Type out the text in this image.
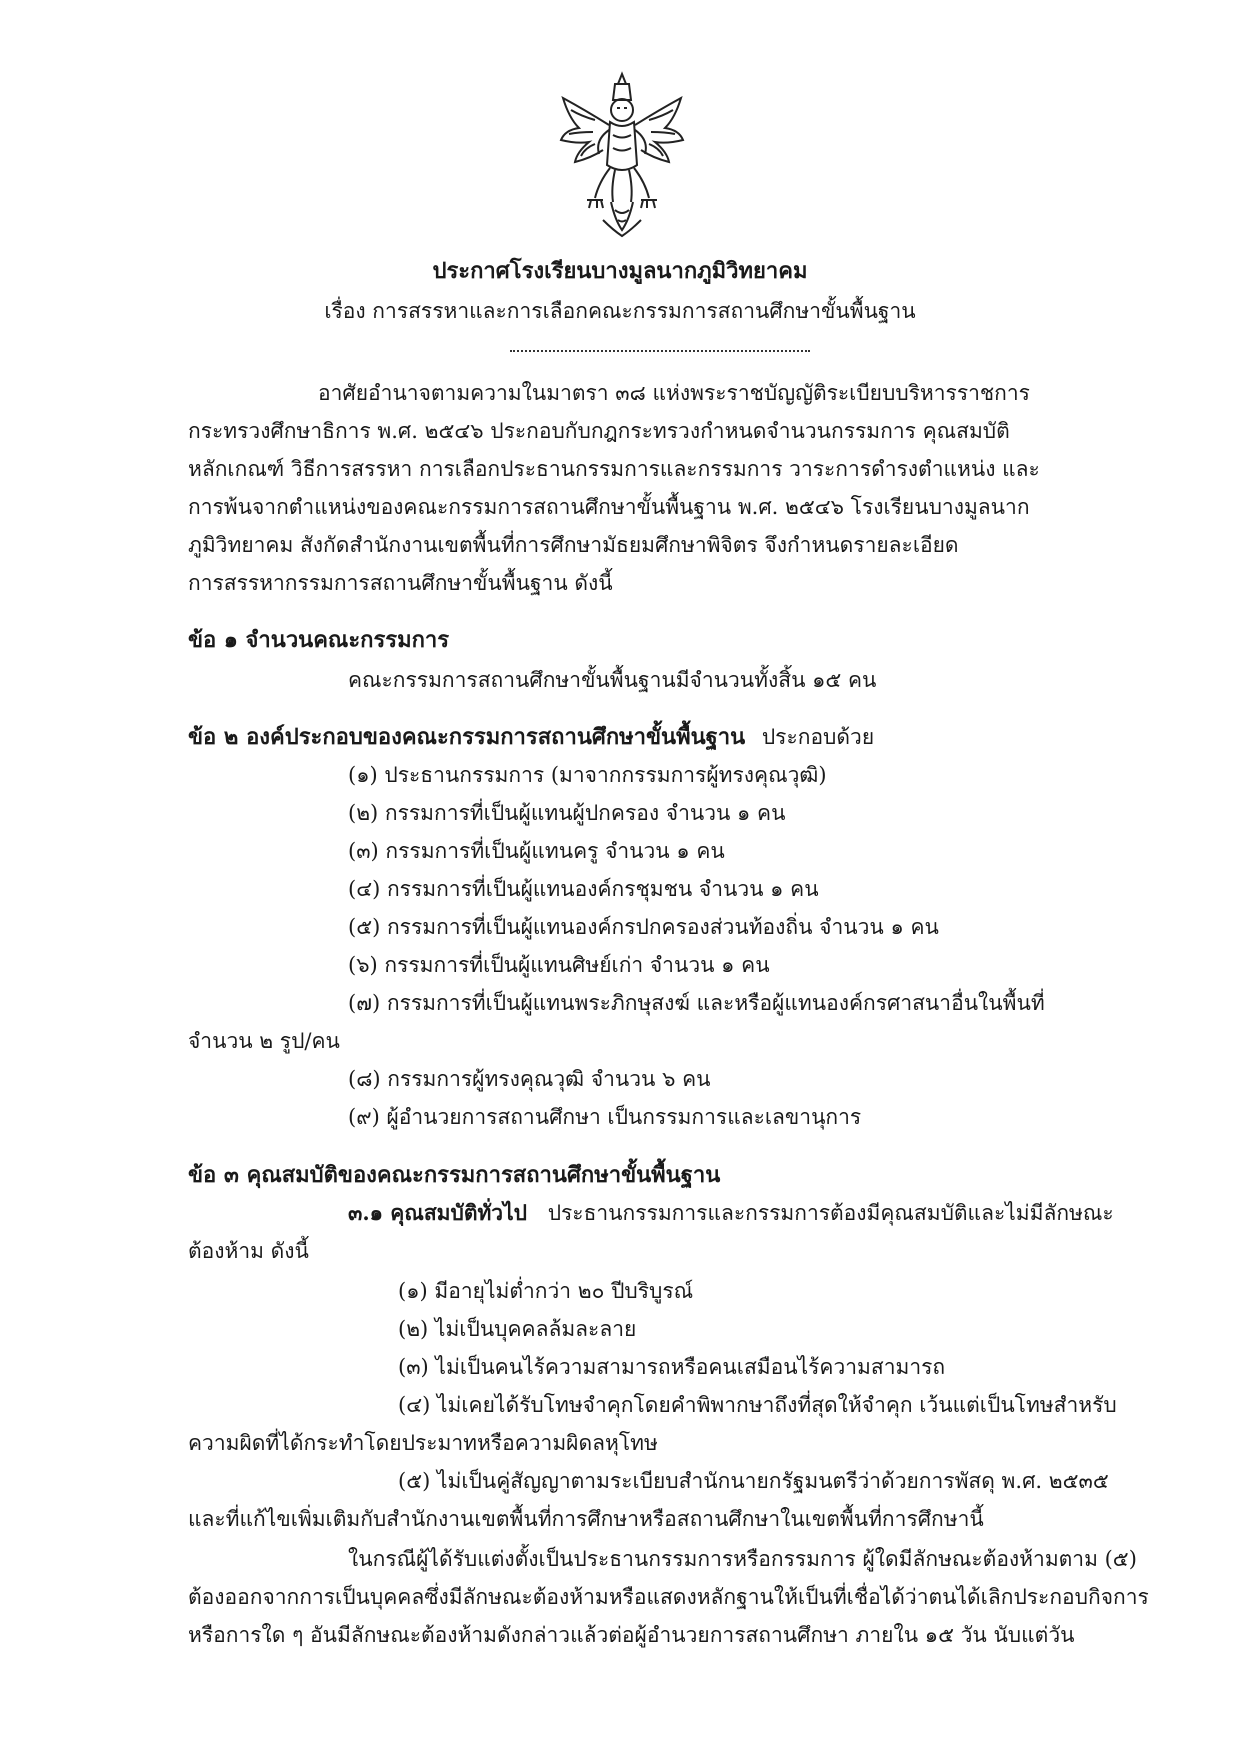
ประกาศโรงเรียนบางมูลนากภูมิวิทยาคม
เรื่อง การสรรหาและการเลือกคณะกรรมการสถานศึกษาขั้นพื้นฐาน
อาศัยอำนาจตามความในมาตรา ๓๘ แห่งพระราชบัญญัติระเบียบบริหารราชการ
กระทรวงศึกษาธิการ พ.ศ. ๒๕๔๖ ประกอบกับกฎกระทรวงกำหนดจำนวนกรรมการ คุณสมบัติ
หลักเกณฑ์ วิธีการสรรหา การเลือกประธานกรรมการและกรรมการ วาระการดำรงตำแหน่ง และ
การพ้นจากตำแหน่งของคณะกรรมการสถานศึกษาขั้นพื้นฐาน พ.ศ. ๒๕๔๖ โรงเรียนบางมูลนาก
ภูมิวิทยาคม สังกัดสำนักงานเขตพื้นที่การศึกษามัธยมศึกษาพิจิตร จึงกำหนดรายละเอียด
การสรรหากรรมการสถานศึกษาขั้นพื้นฐาน ดังนี้
ข้อ ๑ จำนวนคณะกรรมการ
คณะกรรมการสถานศึกษาขั้นพื้นฐานมีจำนวนทั้งสิ้น ๑๕ คน
ข้อ ๒ องค์ประกอบของคณะกรรมการสถานศึกษาขั้นพื้นฐาน ประกอบด้วย
(๑) ประธานกรรมการ (มาจากกรรมการผู้ทรงคุณวุฒิ)
(๒) กรรมการที่เป็นผู้แทนผู้ปกครอง จำนวน ๑ คน
(๓) กรรมการที่เป็นผู้แทนครู จำนวน ๑ คน
(๔) กรรมการที่เป็นผู้แทนองค์กรชุมชน จำนวน ๑ คน
(๕) กรรมการที่เป็นผู้แทนองค์กรปกครองส่วนท้องถิ่น จำนวน ๑ คน
(๖) กรรมการที่เป็นผู้แทนศิษย์เก่า จำนวน ๑ คน
(๗) กรรมการที่เป็นผู้แทนพระภิกษุสงฆ์ และหรือผู้แทนองค์กรศาสนาอื่นในพื้นที่
จำนวน ๒ รูป/คน
(๘) กรรมการผู้ทรงคุณวุฒิ จำนวน ๖ คน
(๙) ผู้อำนวยการสถานศึกษา เป็นกรรมการและเลขานุการ
ข้อ ๓ คุณสมบัติของคณะกรรมการสถานศึกษาขั้นพื้นฐาน
๓.๑ คุณสมบัติทั่วไป ประธานกรรมการและกรรมการต้องมีคุณสมบัติและไม่มีลักษณะ
ต้องห้าม ดังนี้
(๑) มีอายุไม่ต่ำกว่า ๒๐ ปีบริบูรณ์
(๒) ไม่เป็นบุคคลล้มละลาย
(๓) ไม่เป็นคนไร้ความสามารถหรือคนเสมือนไร้ความสามารถ
(๔) ไม่เคยได้รับโทษจำคุกโดยคำพิพากษาถึงที่สุดให้จำคุก เว้นแต่เป็นโทษสำหรับ
ความผิดที่ได้กระทำโดยประมาทหรือความผิดลหุโทษ
(๕) ไม่เป็นคู่สัญญาตามระเบียบสำนักนายกรัฐมนตรีว่าด้วยการพัสดุ พ.ศ. ๒๕๓๕
และที่แก้ไขเพิ่มเติมกับสำนักงานเขตพื้นที่การศึกษาหรือสถานศึกษาในเขตพื้นที่การศึกษานี้
ในกรณีผู้ได้รับแต่งตั้งเป็นประธานกรรมการหรือกรรมการ ผู้ใดมีลักษณะต้องห้ามตาม (๕)
ต้องออกจากการเป็นบุคคลซึ่งมีลักษณะต้องห้ามหรือแสดงหลักฐานให้เป็นที่เชื่อได้ว่าตนได้เลิกประกอบกิจการ
หรือการใด ๆ อันมีลักษณะต้องห้ามดังกล่าวแล้วต่อผู้อำนวยการสถานศึกษา ภายใน ๑๕ วัน นับแต่วัน
